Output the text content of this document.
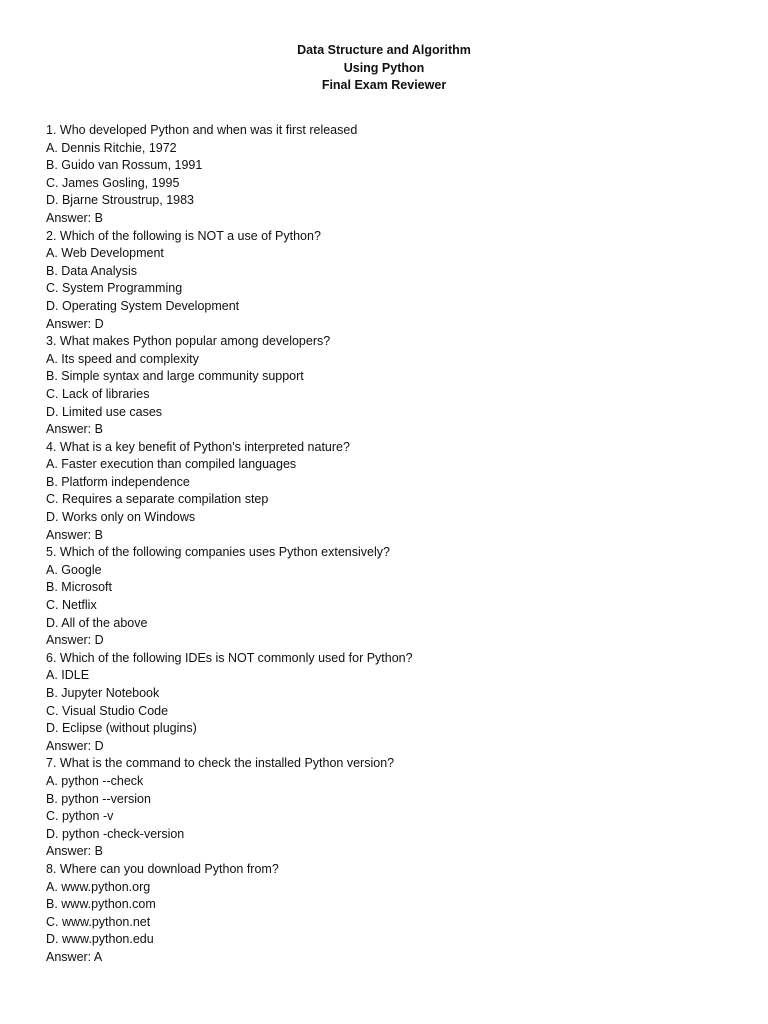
Data Structure and Algorithm
Using Python
Final Exam Reviewer
1. Who developed Python and when was it first released
A. Dennis Ritchie, 1972
B. Guido van Rossum, 1991
C. James Gosling, 1995
D. Bjarne Stroustrup, 1983
Answer: B
2. Which of the following is NOT a use of Python?
A. Web Development
B. Data Analysis
C. System Programming
D. Operating System Development
Answer: D
3. What makes Python popular among developers?
A. Its speed and complexity
B. Simple syntax and large community support
C. Lack of libraries
D. Limited use cases
Answer: B
4. What is a key benefit of Python's interpreted nature?
A. Faster execution than compiled languages
B. Platform independence
C. Requires a separate compilation step
D. Works only on Windows
Answer: B
5. Which of the following companies uses Python extensively?
A. Google
B. Microsoft
C. Netflix
D. All of the above
Answer: D
6. Which of the following IDEs is NOT commonly used for Python?
A. IDLE
B. Jupyter Notebook
C. Visual Studio Code
D. Eclipse (without plugins)
Answer: D
7. What is the command to check the installed Python version?
A. python --check
B. python --version
C. python -v
D. python -check-version
Answer: B
8. Where can you download Python from?
A. www.python.org
B. www.python.com
C. www.python.net
D. www.python.edu
Answer: A
